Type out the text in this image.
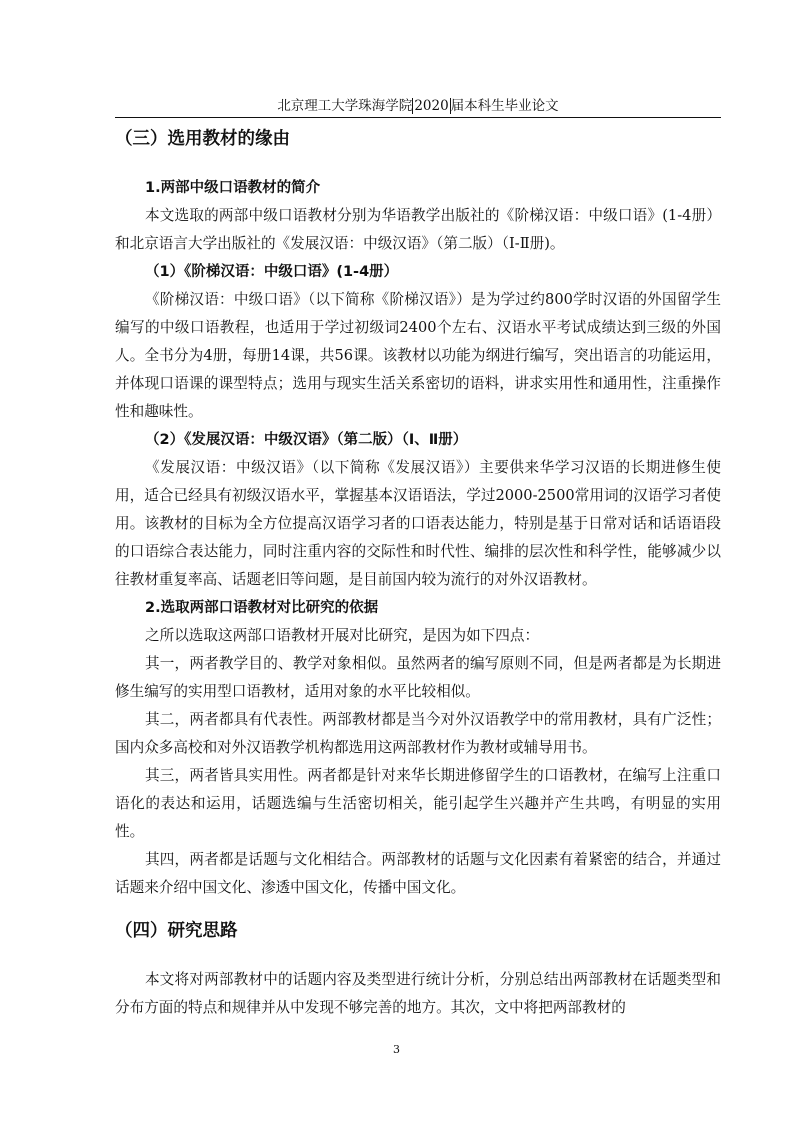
北京理工大学珠海学院 2020 届本科生毕业论文
（三）选用教材的缘由
1.两部中级口语教材的简介

本文选取的两部中级口语教材分别为华语教学出版社的《阶梯汉语：中级口语》(1-4册）和北京语言大学出版社的《发展汉语：中级汉语》（第二版）（Ⅰ-Ⅱ册)。

（1）《阶梯汉语：中级口语》(1-4册）

《阶梯汉语：中级口语》（以下简称《阶梯汉语》）是为学过约800学时汉语的外国留学生编写的中级口语教程，也适用于学过初级词2400个左右、汉语水平考试成绩达到三级的外国人。全书分为4册，每册14课，共56课。该教材以功能为纲进行编写，突出语言的功能运用，并体现口语课的课型特点；选用与现实生活关系密切的语料，讲求实用性和通用性，注重操作性和趣味性。

（2）《发展汉语：中级汉语》（第二版）（Ⅰ、Ⅱ册）

《发展汉语：中级汉语》（以下简称《发展汉语》）主要供来华学习汉语的长期进修生使用，适合已经具有初级汉语水平，掌握基本汉语语法，学过2000-2500常用词的汉语学习者使用。该教材的目标为全方位提高汉语学习者的口语表达能力，特别是基于日常对话和话语语段的口语综合表达能力，同时注重内容的交际性和时代性、编排的层次性和科学性，能够减少以往教材重复率高、话题老旧等问题，是目前国内较为流行的对外汉语教材。

2.选取两部口语教材对比研究的依据

之所以选取这两部口语教材开展对比研究，是因为如下四点：

其一，两者教学目的、教学对象相似。虽然两者的编写原则不同，但是两者都是为长期进修生编写的实用型口语教材，适用对象的水平比较相似。

其二，两者都具有代表性。两部教材都是当今对外汉语教学中的常用教材，具有广泛性；国内众多高校和对外汉语教学机构都选用这两部教材作为教材或辅导用书。

其三，两者皆具实用性。两者都是针对来华长期进修留学生的口语教材，在编写上注重口语化的表达和运用，话题选编与生活密切相关，能引起学生兴趣并产生共鸣，有明显的实用性。

其四，两者都是话题与文化相结合。两部教材的话题与文化因素有着紧密的结合，并通过话题来介绍中国文化、渗透中国文化，传播中国文化。

（四）研究思路

本文将对两部教材中的话题内容及类型进行统计分析，分别总结出两部教材在话题类型和分布方面的特点和规律并从中发现不够完善的地方。其次，文中将把两部教材的

3
